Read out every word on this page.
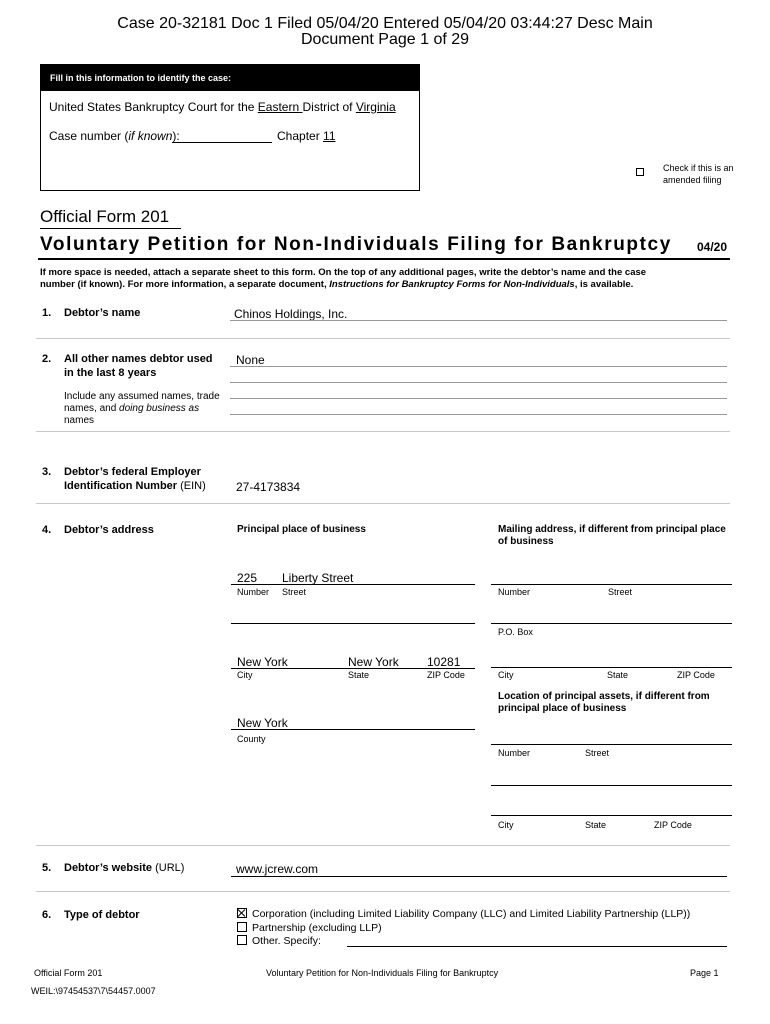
Case 20-32181 Doc 1 Filed 05/04/20 Entered 05/04/20 03:44:27 Desc Main
Document Page 1 of 29
Fill in this information to identify the case:
United States Bankruptcy Court for the Eastern District of Virginia
Case number (if known):	Chapter 11
Check if this is an
amended filing
Official Form 201
Voluntary Petition for Non-Individuals Filing for Bankruptcy 04/20
If more space is needed, attach a separate sheet to this form. On the top of any additional pages, write the debtor’s name and the case
number (if known). For more information, a separate document, Instructions for Bankruptcy Forms for Non-Individuals, is available.
1. Debtor’s name	Chinos Holdings, Inc.
2. All other names debtor used
in the last 8 years
Include any assumed names, trade
names, and doing business as
names
None
3. Debtor’s federal Employer
Identification Number (EIN)	27-4173834
4. Debtor’s address	Principal place of business	Mailing address, if different from principal place
of business
225 Liberty Street
Number Street
New York	New York 10281
City	State	ZIP Code
New York
County
Number	Street
P.O. Box
City	State	ZIP Code
Location of principal assets, if different from
principal place of business
Number	Street
City	State	ZIP Code
5. Debtor’s website (URL)	www.jcrew.com
6. Type of debtor	Corporation (including Limited Liability Company (LLC) and Limited Liability Partnership (LLP))
Partnership (excluding LLP)
Other. Specify:
Official Form 201	Voluntary Petition for Non-Individuals Filing for Bankruptcy	Page 1
WEIL:\97454537\7\54457.0007
